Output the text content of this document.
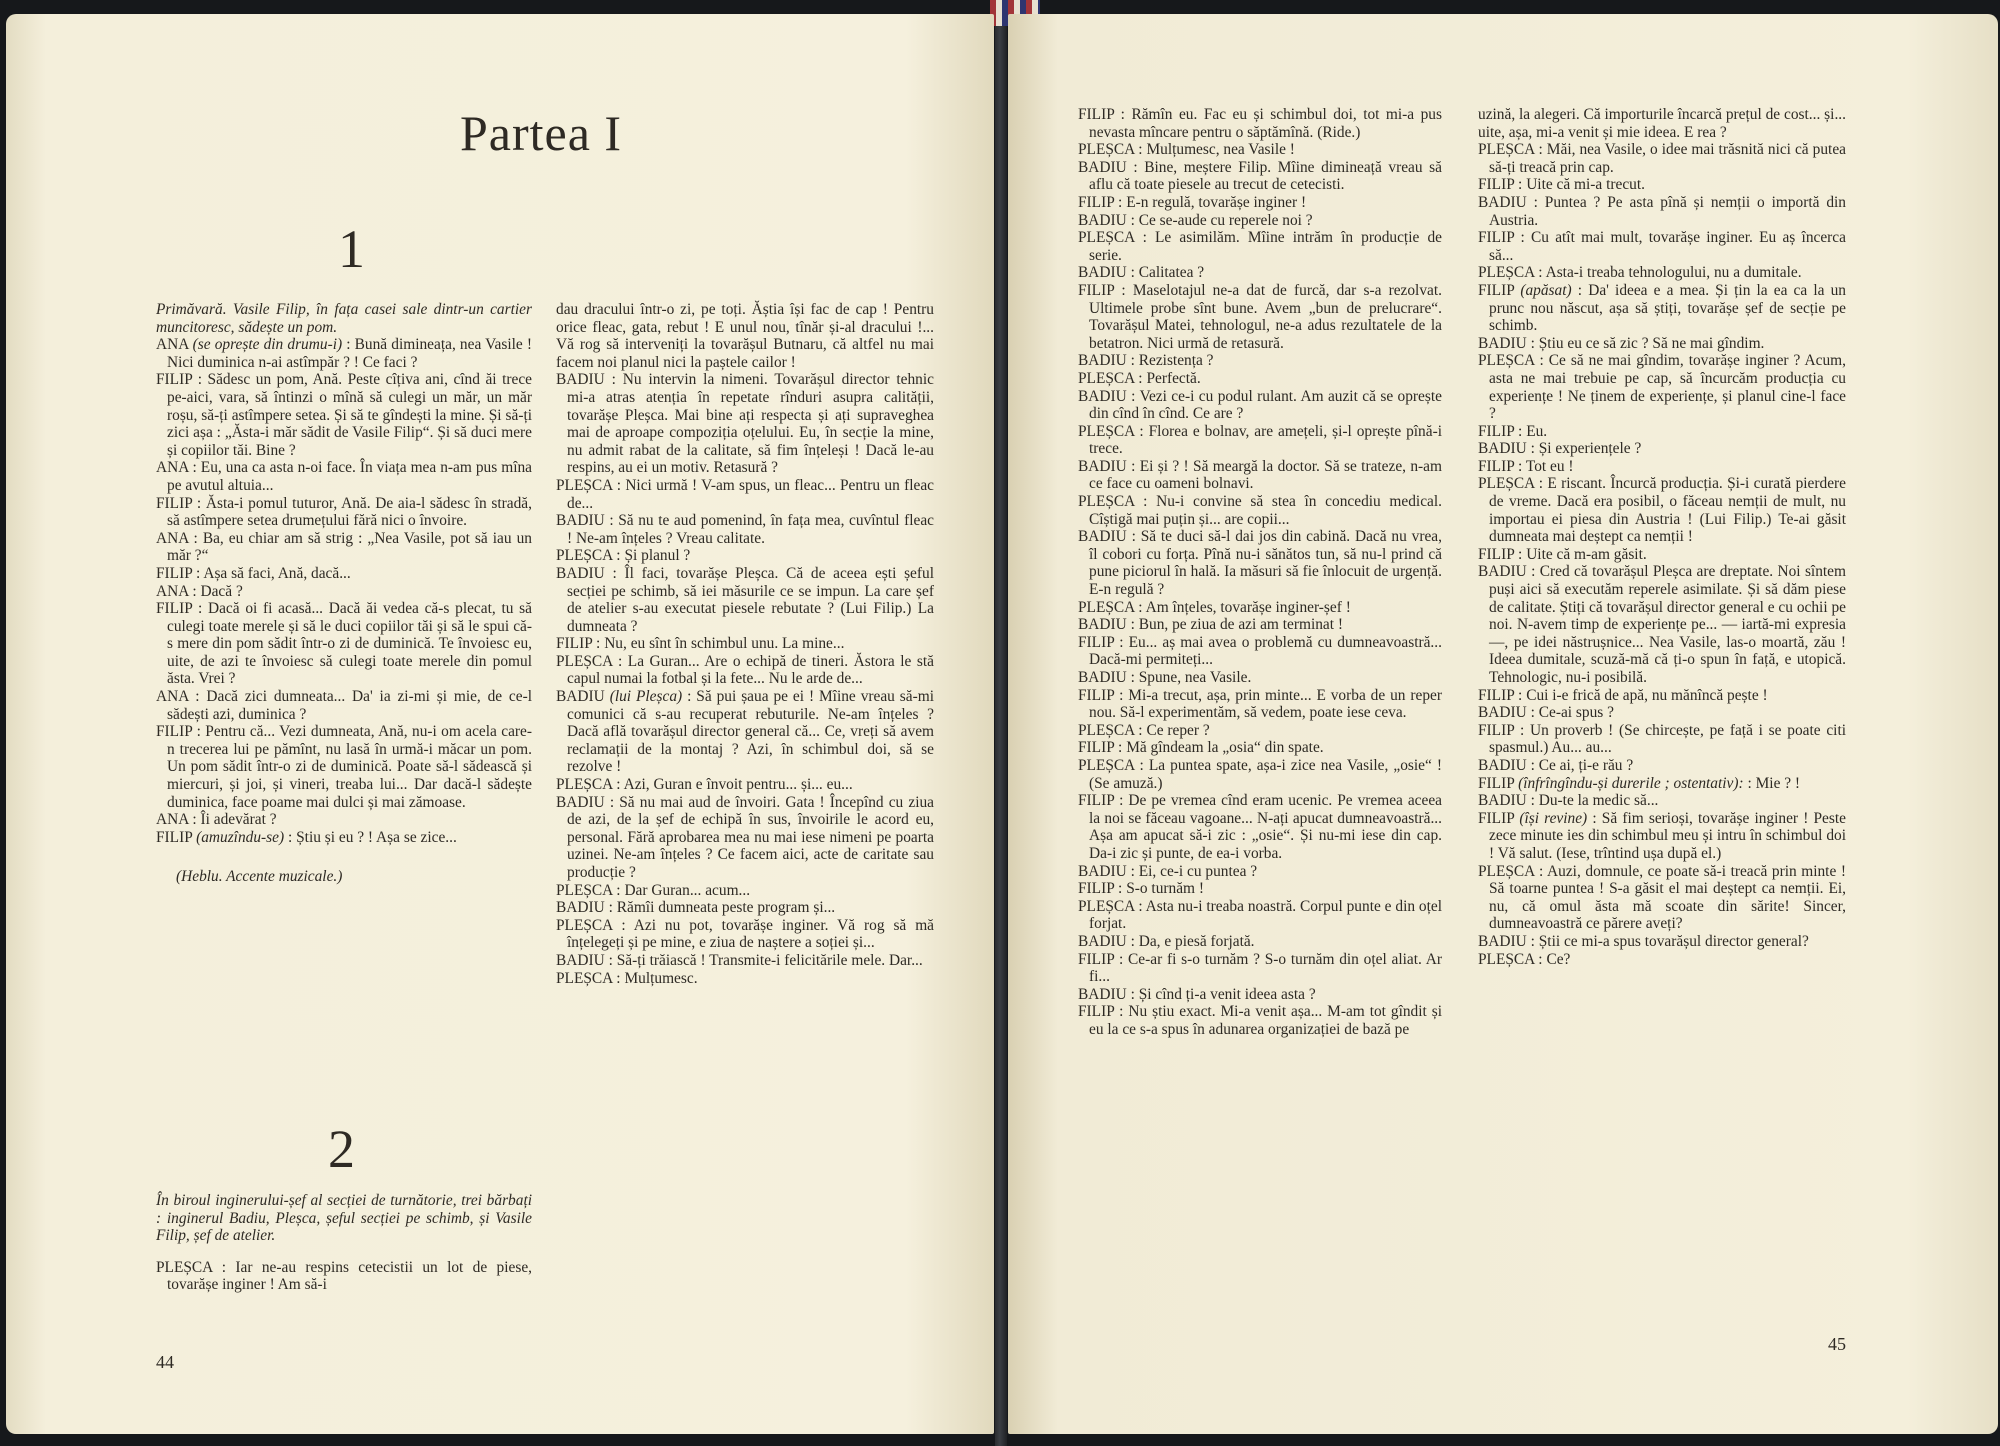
Partea I
1

Primăvară. Vasile Filip, în fața casei sale dintr-un cartier muncitoresc, sădește un pom.

ANA (se oprește din drumu-i) : Bună dimineața, nea Vasile ! Nici duminica n-ai astîmpăr ? ! Ce faci ?

FILIP : Sădesc un pom, Ană. Peste cîțiva ani, cînd ăi trece pe-aici, vara, să întinzi o mînă să culegi un măr, un măr roșu, să-ți astîmpere setea. Și să te gîndești la mine. Și să-ți zici așa : „Ăsta-i măr sădit de Vasile Filip“. Și să duci mere și copiilor tăi. Bine ?

ANA : Eu, una ca asta n-oi face. În viața mea n-am pus mîna pe avutul altuia...

FILIP : Ăsta-i pomul tuturor, Ană. De aia-l sădesc în stradă, să astîmpere setea drumețului fără nici o învoire.

ANA : Ba, eu chiar am să strig : „Nea Vasile, pot să iau un măr ?“

FILIP : Așa să faci, Ană, dacă...

ANA : Dacă ?

FILIP : Dacă oi fi acasă... Dacă ăi vedea că-s plecat, tu să culegi toate merele și să le duci copiilor tăi și să le spui că-s mere din pom sădit într-o zi de duminică. Te învoiesc eu, uite, de azi te învoiesc să culegi toate merele din pomul ăsta. Vrei ?

ANA : Dacă zici dumneata... Da' ia zi-mi și mie, de ce-l sădești azi, duminica ?

FILIP : Pentru că... Vezi dumneata, Ană, nu-i om acela care-n trecerea lui pe pămînt, nu lasă în urmă-i măcar un pom. Un pom sădit într-o zi de duminică. Poate să-l sădească și miercuri, și joi, și vineri, treaba lui... Dar dacă-l sădește duminica, face poame mai dulci și mai zămoase.

ANA : Îi adevărat ?

FILIP (amuzîndu-se) : Știu și eu ? ! Așa se zice...

(Heblu. Accente muzicale.)

2

În biroul inginerului-șef al secției de turnătorie, trei bărbați : inginerul Badiu, Pleșca, șeful secției pe schimb, și Vasile Filip, șef de atelier.

PLEȘCA : Iar ne-au respins cetecistii un lot de piese, tovarășe inginer ! Am să-i

dau dracului într-o zi, pe toți. Ăștia își fac de cap ! Pentru orice fleac, gata, rebut ! E unul nou, tînăr și-al dracului !... Vă rog să interveniți la tovarășul Butnaru, că altfel nu mai facem noi planul nici la paștele cailor !

BADIU : Nu intervin la nimeni. Tovarășul director tehnic mi-a atras atenția în repetate rînduri asupra calității, tovarășe Pleșca. Mai bine ați respecta și ați supraveghea mai de aproape compoziția oțelului. Eu, în secție la mine, nu admit rabat de la calitate, să fim înțeleși ! Dacă le-au respins, au ei un motiv. Retasură ?

PLEȘCA : Nici urmă ! V-am spus, un fleac... Pentru un fleac de...

BADIU : Să nu te aud pomenind, în fața mea, cuvîntul fleac ! Ne-am înțeles ? Vreau calitate.

PLEȘCA : Și planul ?

BADIU : Îl faci, tovarășe Pleșca. Că de aceea ești șeful secției pe schimb, să iei măsurile ce se impun. La care șef de atelier s-au executat piesele rebutate ? (Lui Filip.) La dumneata ?

FILIP : Nu, eu sînt în schimbul unu. La mine...

PLEȘCA : La Guran... Are o echipă de tineri. Ăstora le stă capul numai la fotbal și la fete... Nu le arde de...

BADIU (lui Pleșca) : Să pui șaua pe ei ! Mîine vreau să-mi comunici că s-au recuperat rebuturile. Ne-am înțeles ? Dacă află tovarășul director general că... Ce, vreți să avem reclamații de la montaj ? Azi, în schimbul doi, să se rezolve !

PLEȘCA : Azi, Guran e învoit pentru... și... eu...

BADIU : Să nu mai aud de învoiri. Gata ! Începînd cu ziua de azi, de la șef de echipă în sus, învoirile le acord eu, personal. Fără aprobarea mea nu mai iese nimeni pe poarta uzinei. Ne-am înțeles ? Ce facem aici, acte de caritate sau producție ?

PLEȘCA : Dar Guran... acum...

BADIU : Rămîi dumneata peste program și...

PLEȘCA : Azi nu pot, tovarășe inginer. Vă rog să mă înțelegeți și pe mine, e ziua de naștere a soției și...

BADIU : Să-ți trăiască ! Transmite-i felicitările mele. Dar...

PLEȘCA : Mulțumesc.

44

FILIP : Rămîn eu. Fac eu și schimbul doi, tot mi-a pus nevasta mîncare pentru o săptămînă. (Ride.)

PLEȘCA : Mulțumesc, nea Vasile !

BADIU : Bine, meștere Filip. Mîine dimineață vreau să aflu că toate piesele au trecut de cetecisti.

FILIP : E-n regulă, tovarășe inginer !

BADIU : Ce se-aude cu reperele noi ?

PLEȘCA : Le asimilăm. Mîine intrăm în producție de serie.

BADIU : Calitatea ?

FILIP : Maselotajul ne-a dat de furcă, dar s-a rezolvat. Ultimele probe sînt bune. Avem „bun de prelucrare“. Tovarășul Matei, tehnologul, ne-a adus rezultatele de la betatron. Nici urmă de retasură.

BADIU : Rezistența ?

PLEȘCA : Perfectă.

BADIU : Vezi ce-i cu podul rulant. Am auzit că se oprește din cînd în cînd. Ce are ?

PLEȘCA : Florea e bolnav, are amețeli, și-l oprește pînă-i trece.

BADIU : Ei și ? ! Să meargă la doctor. Să se trateze, n-am ce face cu oameni bolnavi.

PLEȘCA : Nu-i convine să stea în concediu medical. Cîștigă mai puțin și... are copii...

BADIU : Să te duci să-l dai jos din cabină. Dacă nu vrea, îl cobori cu forța. Pînă nu-i sănătos tun, să nu-l prind că pune piciorul în hală. Ia măsuri să fie înlocuit de urgență. E-n regulă ?

PLEȘCA : Am înțeles, tovarășe inginer-șef !

BADIU : Bun, pe ziua de azi am terminat !

FILIP : Eu... aș mai avea o problemă cu dumneavoastră... Dacă-mi permiteți...

BADIU : Spune, nea Vasile.

FILIP : Mi-a trecut, așa, prin minte... E vorba de un reper nou. Să-l experimentăm, să vedem, poate iese ceva.

PLEȘCA : Ce reper ?

FILIP : Mă gîndeam la „osia“ din spate.

PLEȘCA : La puntea spate, așa-i zice nea Vasile, „osie“ ! (Se amuză.)

FILIP : De pe vremea cînd eram ucenic. Pe vremea aceea la noi se făceau vagoane... N-ați apucat dumneavoastră... Așa am apucat să-i zic : „osie“. Și nu-mi iese din cap. Da-i zic și punte, de ea-i vorba.

BADIU : Ei, ce-i cu puntea ?

FILIP : S-o turnăm !

PLEȘCA : Asta nu-i treaba noastră. Corpul punte e din oțel forjat.

BADIU : Da, e piesă forjată.

FILIP : Ce-ar fi s-o turnăm ? S-o turnăm din oțel aliat. Ar fi...

BADIU : Și cînd ți-a venit ideea asta ?

FILIP : Nu știu exact. Mi-a venit așa... M-am tot gîndit și eu la ce s-a spus în adunarea organizației de bază pe

uzină, la alegeri. Că importurile încarcă prețul de cost... și... uite, așa, mi-a venit și mie ideea. E rea ?

PLEȘCA : Măi, nea Vasile, o idee mai trăsnită nici că putea să-ți treacă prin cap.

FILIP : Uite că mi-a trecut.

BADIU : Puntea ? Pe asta pînă și nemții o importă din Austria.

FILIP : Cu atît mai mult, tovarășe inginer. Eu aș încerca să...

PLEȘCA : Asta-i treaba tehnologului, nu a dumitale.

FILIP (apăsat) : Da' ideea e a mea. Și țin la ea ca la un prunc nou născut, așa să știți, tovarășe șef de secție pe schimb.

BADIU : Știu eu ce să zic ? Să ne mai gîndim.

PLEȘCA : Ce să ne mai gîndim, tovarășe inginer ? Acum, asta ne mai trebuie pe cap, să încurcăm producția cu experiențe ! Ne ținem de experiențe, și planul cine-l face ?

FILIP : Eu.

BADIU : Și experiențele ?

FILIP : Tot eu !

PLEȘCA : E riscant. Încurcă producția. Și-i curată pierdere de vreme. Dacă era posibil, o făceau nemții de mult, nu importau ei piesa din Austria ! (Lui Filip.) Te-ai găsit dumneata mai deștept ca nemții !

FILIP : Uite că m-am găsit.

BADIU : Cred că tovarășul Pleșca are dreptate. Noi sîntem puși aici să executăm reperele asimilate. Și să dăm piese de calitate. Știți că tovarășul director general e cu ochii pe noi. N-avem timp de experiențe pe... — iartă-mi expresia —, pe idei năstrușnice... Nea Vasile, las-o moartă, zău ! Ideea dumitale, scuză-mă că ți-o spun în față, e utopică. Tehnologic, nu-i posibilă.

FILIP : Cui i-e frică de apă, nu mănîncă pește !

BADIU : Ce-ai spus ?

FILIP : Un proverb ! (Se chircește, pe față i se poate citi spasmul.) Au... au...

BADIU : Ce ai, ți-e rău ?

FILIP (înfrîngîndu-și durerile ; ostentativ): : Mie ? !

BADIU : Du-te la medic să...

FILIP (își revine) : Să fim serioși, tovarășe inginer ! Peste zece minute ies din schimbul meu și intru în schimbul doi ! Vă salut. (Iese, trîntind ușa după el.)

PLEȘCA : Auzi, domnule, ce poate să-i treacă prin minte ! Să toarne puntea ! S-a găsit el mai deștept ca nemții. Ei, nu, că omul ăsta mă scoate din sărite! Sincer, dumneavoastră ce părere aveți?

BADIU : Știi ce mi-a spus tovarășul director general?

PLEȘCA : Ce?

45
